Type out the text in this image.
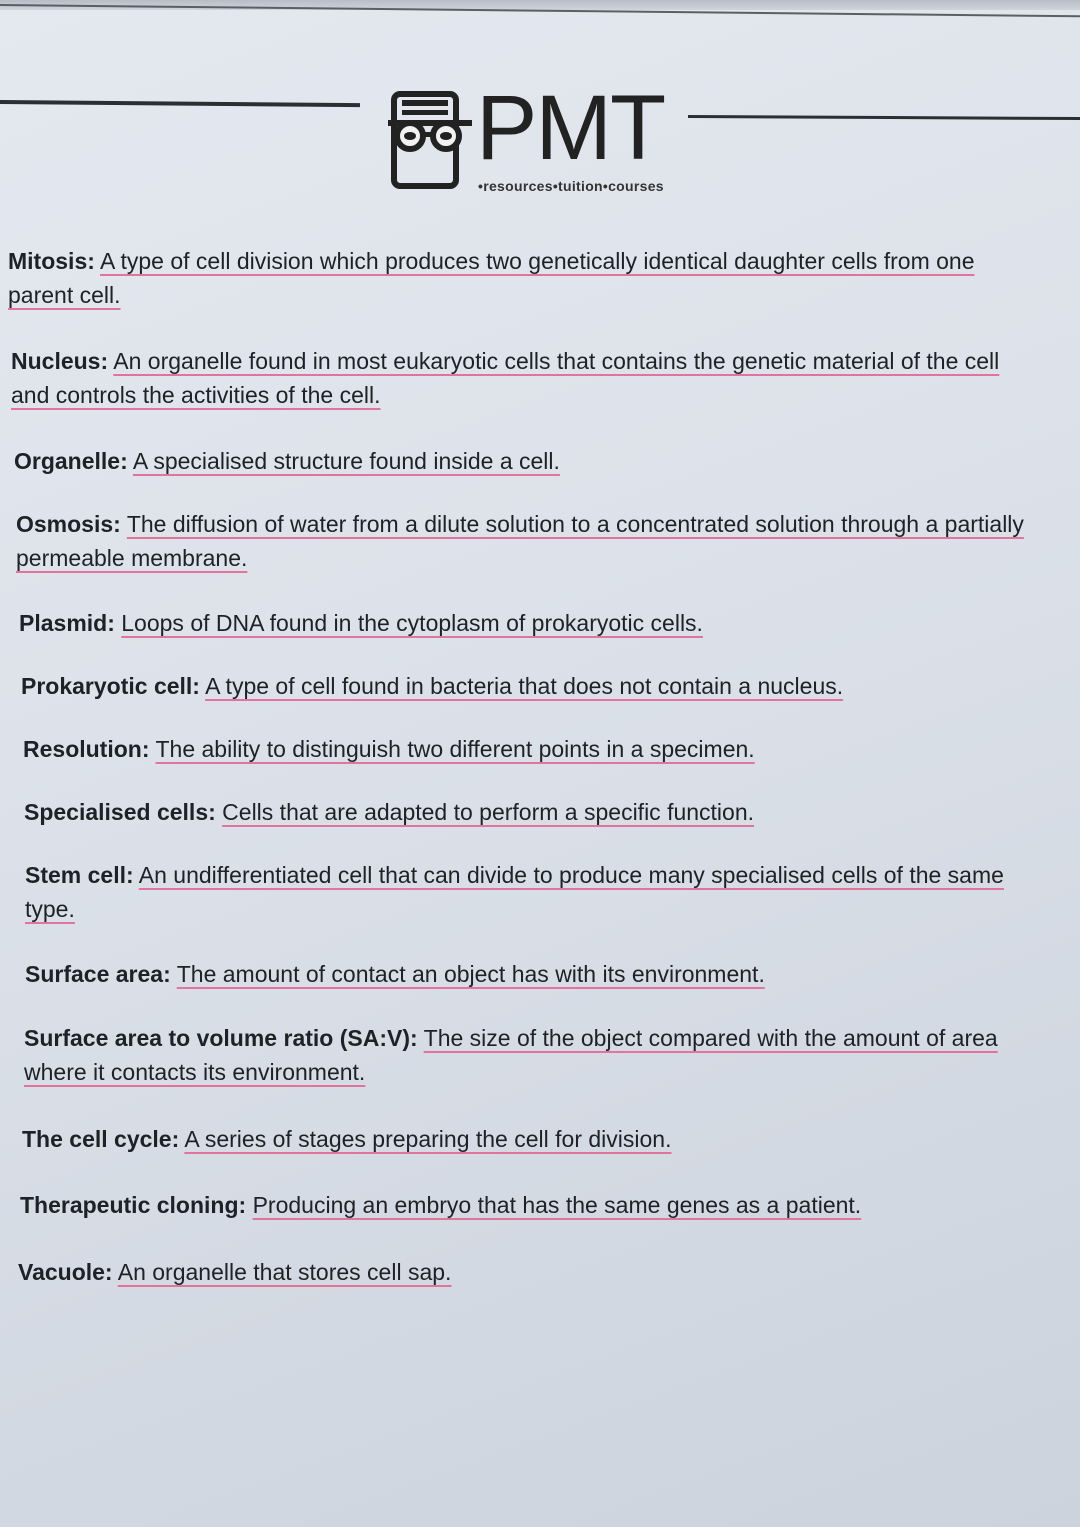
PMT
•resources•tuition•courses
Mitosis: A type of cell division which produces two genetically identical daughter cells from one parent cell.
Nucleus: An organelle found in most eukaryotic cells that contains the genetic material of the cell and controls the activities of the cell.
Organelle: A specialised structure found inside a cell.
Osmosis: The diffusion of water from a dilute solution to a concentrated solution through a partially permeable membrane.
Plasmid: Loops of DNA found in the cytoplasm of prokaryotic cells.
Prokaryotic cell: A type of cell found in bacteria that does not contain a nucleus.
Resolution: The ability to distinguish two different points in a specimen.
Specialised cells: Cells that are adapted to perform a specific function.
Stem cell: An undifferentiated cell that can divide to produce many specialised cells of the same type.
Surface area: The amount of contact an object has with its environment.
Surface area to volume ratio (SA:V): The size of the object compared with the amount of area where it contacts its environment.
The cell cycle: A series of stages preparing the cell for division.
Therapeutic cloning: Producing an embryo that has the same genes as a patient.
Vacuole: An organelle that stores cell sap.
